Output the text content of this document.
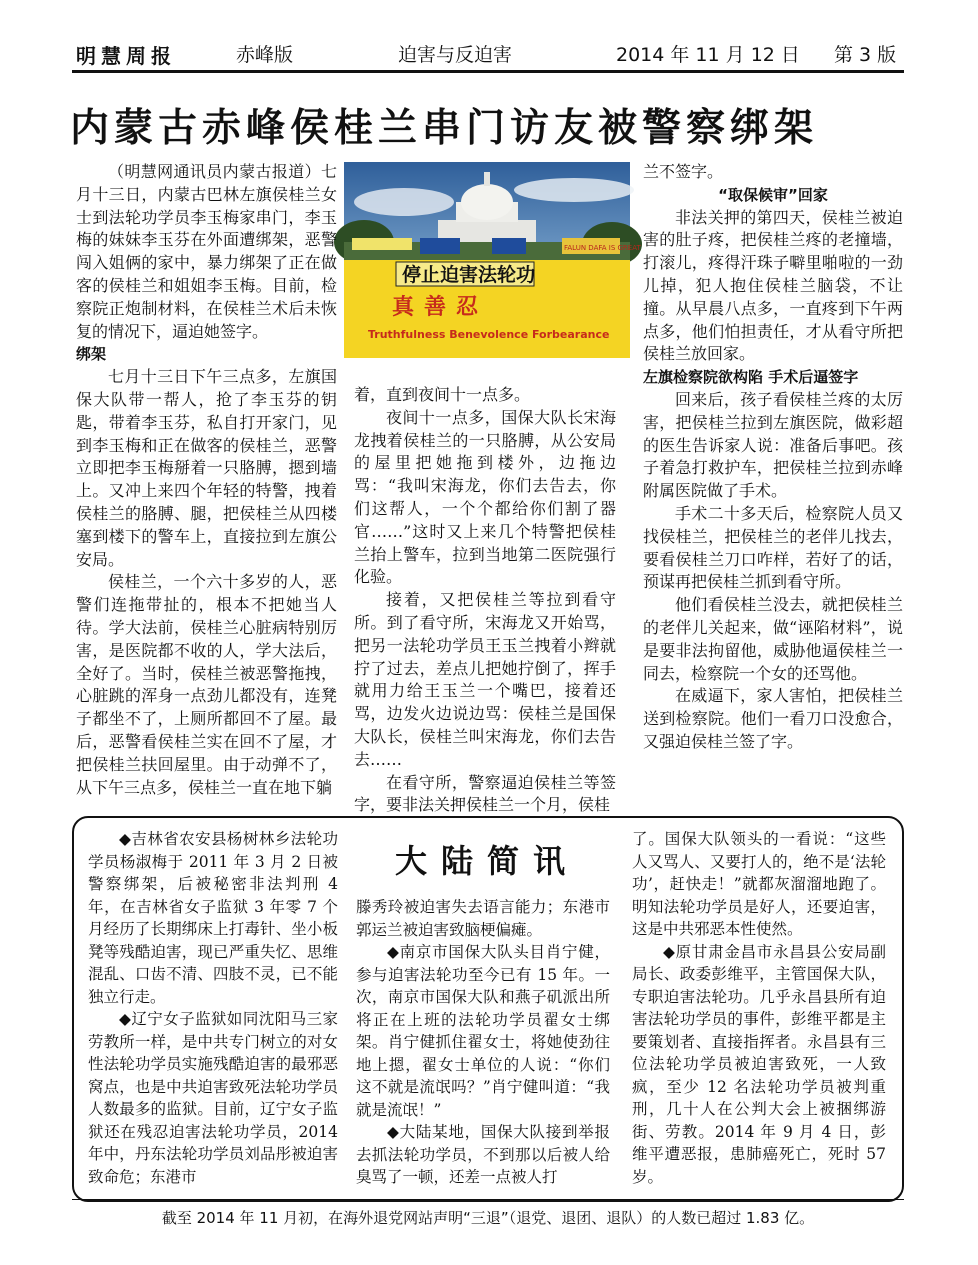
明慧周报	赤峰版	迫害与反迫害	2014 年 11 月 12 日 第 3 版
内蒙古赤峰侯桂兰串门访友被警察绑架
FALUN DAFA IS GREAT
停止迫害法轮功
真善忍
Truthfulness Benevolence Forbearance

（明慧网通讯员内蒙古报道）七月十三日，内蒙古巴林左旗侯桂兰女士到法轮功学员李玉梅家串门，李玉梅的妹妹李玉芬在外面遭绑架，恶警闯入姐俩的家中，暴力绑架了正在做客的侯桂兰和姐姐李玉梅。目前，检察院正炮制材料，在侯桂兰术后未恢复的情况下，逼迫她签字。

绑架

七月十三日下午三点多，左旗国保大队带一帮人，抢了李玉芬的钥匙，带着李玉芬，私自打开家门，见到李玉梅和正在做客的侯桂兰，恶警立即把李玉梅掰着一只胳膊，摁到墙上。又冲上来四个年轻的特警，拽着侯桂兰的胳膊、腿，把侯桂兰从四楼塞到楼下的警车上，直接拉到左旗公安局。

侯桂兰，一个六十多岁的人，恶警们连拖带扯的，根本不把她当人待。学大法前，侯桂兰心脏病特别厉害，是医院都不收的人，学大法后，全好了。当时，侯桂兰被恶警拖拽，心脏跳的浑身一点劲儿都没有，连凳子都坐不了，上厕所都回不了屋。最后，恶警看侯桂兰实在回不了屋，才把侯桂兰扶回屋里。由于动弹不了，从下午三点多，侯桂兰一直在地下躺

着，直到夜间十一点多。

夜间十一点多，国保大队长宋海龙拽着侯桂兰的一只胳膊，从公安局的屋里把她拖到楼外，边拖边骂：“我叫宋海龙，你们去告去，你们这帮人，一个个都给你们割了器官……”这时又上来几个特警把侯桂兰抬上警车，拉到当地第二医院强行化验。

接着，又把侯桂兰等拉到看守所。到了看守所，宋海龙又开始骂，把另一法轮功学员王玉兰拽着小辫就拧了过去，差点儿把她拧倒了，挥手就用力给王玉兰一个嘴巴，接着还骂，边发火边说边骂：侯桂兰是国保大队长，侯桂兰叫宋海龙，你们去告去……

在看守所，警察逼迫侯桂兰等签字，要非法关押侯桂兰一个月，侯桂

兰不签字。

“取保候审”回家

非法关押的第四天，侯桂兰被迫害的肚子疼，把侯桂兰疼的老撞墙，打滚儿，疼得汗珠子噼里啪啦的一劲儿掉，犯人抱住侯桂兰脑袋，不让撞。从早晨八点多，一直疼到下午两点多，他们怕担责任，才从看守所把侯桂兰放回家。

左旗检察院欲构陷 手术后逼签字

回来后，孩子看侯桂兰疼的太厉害，把侯桂兰拉到左旗医院，做彩超的医生告诉家人说：准备后事吧。孩子着急打救护车，把侯桂兰拉到赤峰附属医院做了手术。

手术二十多天后，检察院人员又找侯桂兰，把侯桂兰的老伴儿找去，要看侯桂兰刀口咋样，若好了的话，预谋再把侯桂兰抓到看守所。

他们看侯桂兰没去，就把侯桂兰的老伴儿关起来，做“诬陷材料”，说是要非法拘留他，威胁他逼侯桂兰一同去，检察院一个女的还骂他。

在威逼下，家人害怕，把侯桂兰送到检察院。他们一看刀口没愈合，又强迫侯桂兰签了字。

大陆简讯

◆吉林省农安县杨树林乡法轮功学员杨淑梅于 2011 年 3 月 2 日被警察绑架，后被秘密非法判刑 4 年，在吉林省女子监狱 3 年零 7 个月经历了长期绑床上打毒针、坐小板凳等残酷迫害，现已严重失忆、思维混乱、口齿不清、四肢不灵，已不能独立行走。

◆辽宁女子监狱如同沈阳马三家劳教所一样，是中共专门树立的对女性法轮功学员实施残酷迫害的最邪恶窝点，也是中共迫害致死法轮功学员人数最多的监狱。目前，辽宁女子监狱还在残忍迫害法轮功学员，2014 年中，丹东法轮功学员刘品彤被迫害致命危；东港市

滕秀玲被迫害失去语言能力；东港市郭运兰被迫害致脑梗偏瘫。

◆南京市国保大队头目肖宁健，参与迫害法轮功至今已有 15 年。一次，南京市国保大队和燕子矶派出所将正在上班的法轮功学员翟女士绑架。肖宁健抓住翟女士，将她使劲往地上摁，翟女士单位的人说：“你们这不就是流氓吗？”肖宁健叫道：“我就是流氓！”

◆大陆某地，国保大队接到举报去抓法轮功学员，不到那以后被人给臭骂了一顿，还差一点被人打

了。国保大队领头的一看说：“这些人又骂人、又要打人的，绝不是‘法轮功’，赶快走！”就都灰溜溜地跑了。明知法轮功学员是好人，还要迫害，这是中共邪恶本性使然。

◆原甘肃金昌市永昌县公安局副局长、政委彭维平，主管国保大队，专职迫害法轮功。几乎永昌县所有迫害法轮功学员的事件，彭维平都是主要策划者、直接指挥者。永昌县有三位法轮功学员被迫害致死，一人致疯，至少 12 名法轮功学员被判重刑，几十人在公判大会上被捆绑游街、劳教。2014 年 9 月 4 日，彭维平遭恶报，患肺癌死亡，死时 57 岁。

截至 2014 年 11 月初，在海外退党网站声明“三退”（退党、退团、退队）的人数已超过 1.83 亿。
